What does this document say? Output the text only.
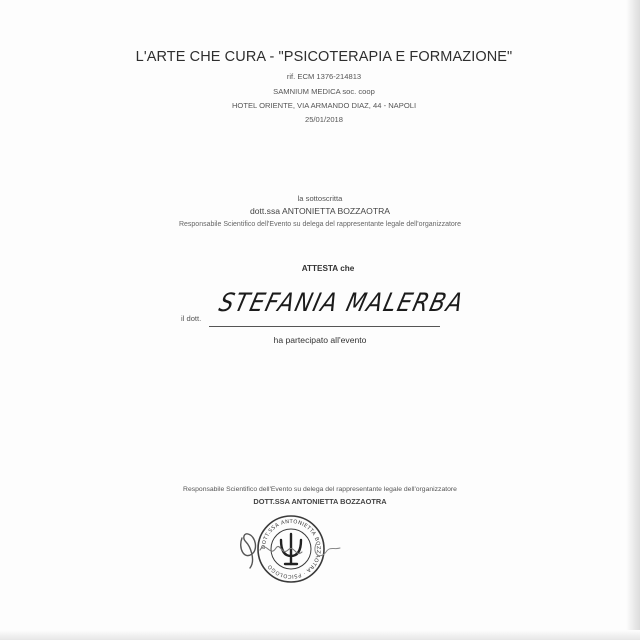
L'ARTE CHE CURA - "PSICOTERAPIA E FORMAZIONE"
rif. ECM 1376-214813
SAMNIUM MEDICA soc. coop
HOTEL ORIENTE, VIA ARMANDO DIAZ, 44 - NAPOLI
25/01/2018
la sottoscritta
dott.ssa ANTONIETTA BOZZAOTRA
Responsabile Scientifico dell'Evento su delega del rappresentante legale dell'organizzatore
ATTESTA che
il dott.
STEFANIA MALERBA
ha partecipato all'evento
Responsabile Scientifico dell'Evento su delega del rappresentante legale dell'organizzatore
DOTT.SSA ANTONIETTA BOZZAOTRA
DOTT.SSA ANTONIETTA BOZZAOTRA · PSICOLOGO
